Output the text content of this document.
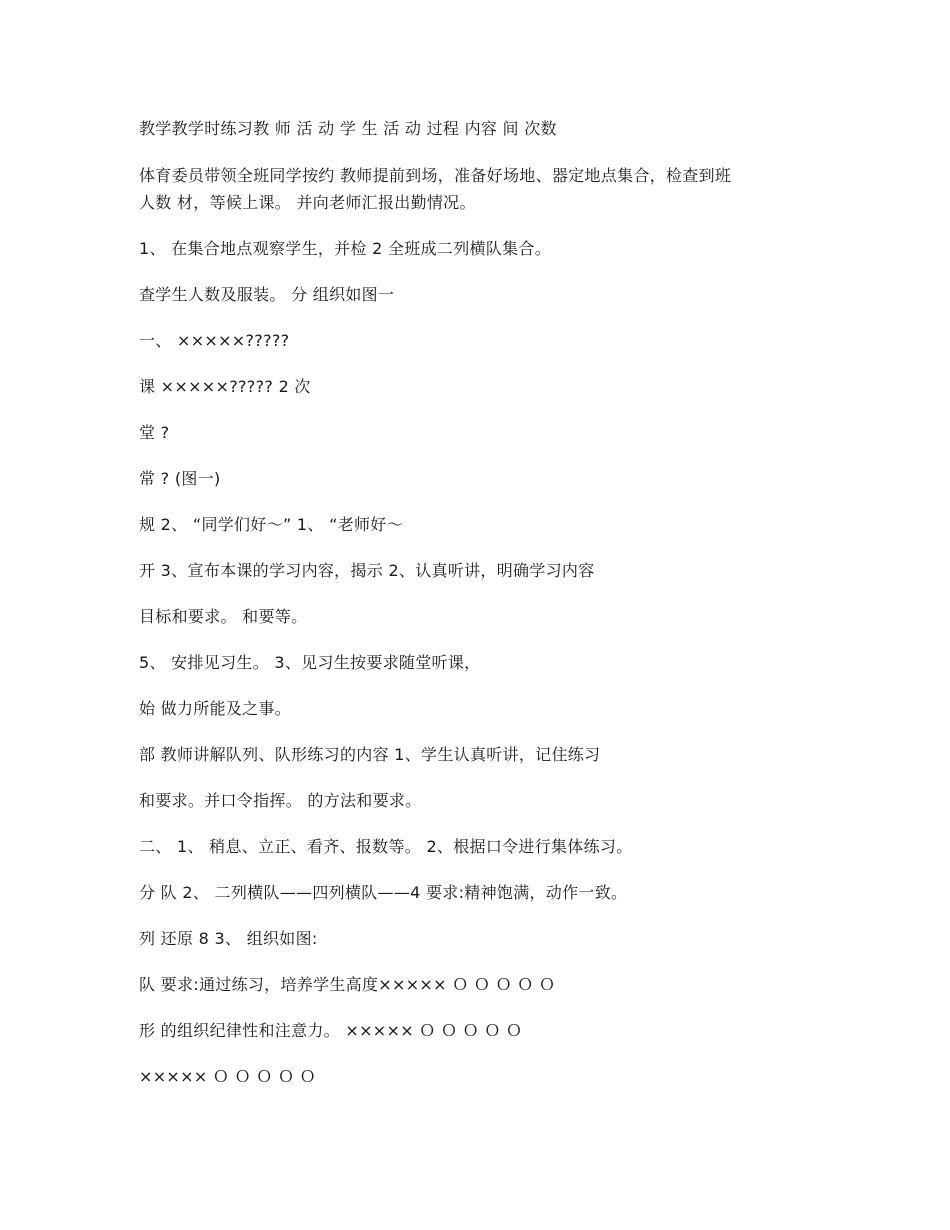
教学教学时练习教 师 活 动 学 生 活 动 过程 内容 间 次数
体育委员带领全班同学按约 教师提前到场，准备好场地、器定地点集合，检查到班
人数 材，等候上课。 并向老师汇报出勤情况。
1、 在集合地点观察学生，并检 2 全班成二列横队集合。
查学生人数及服装。 分 组织如图一
一、 ×××××?????
课 ×××××????? 2 次
堂 ?
常 ? (图一)
规 2、 “同学们好～” 1、 “老师好～
开 3、宣布本课的学习内容，揭示 2、认真听讲，明确学习内容
目标和要求。 和要等。
5、 安排见习生。 3、见习生按要求随堂听课，
始 做力所能及之事。
部 教师讲解队列、队形练习的内容 1、学生认真听讲，记住练习
和要求。并口令指挥。 的方法和要求。
二、 1、 稍息、立正、看齐、报数等。 2、根据口令进行集体练习。
分 队 2、 二列横队——四列横队——4 要求:精神饱满，动作一致。
列 还原 8 3、 组织如图:
队 要求:通过练习，培养学生高度××××× Ｏ Ｏ Ｏ Ｏ Ｏ
形 的组织纪律性和注意力。 ××××× Ｏ Ｏ Ｏ Ｏ Ｏ
××××× Ｏ Ｏ Ｏ Ｏ Ｏ
